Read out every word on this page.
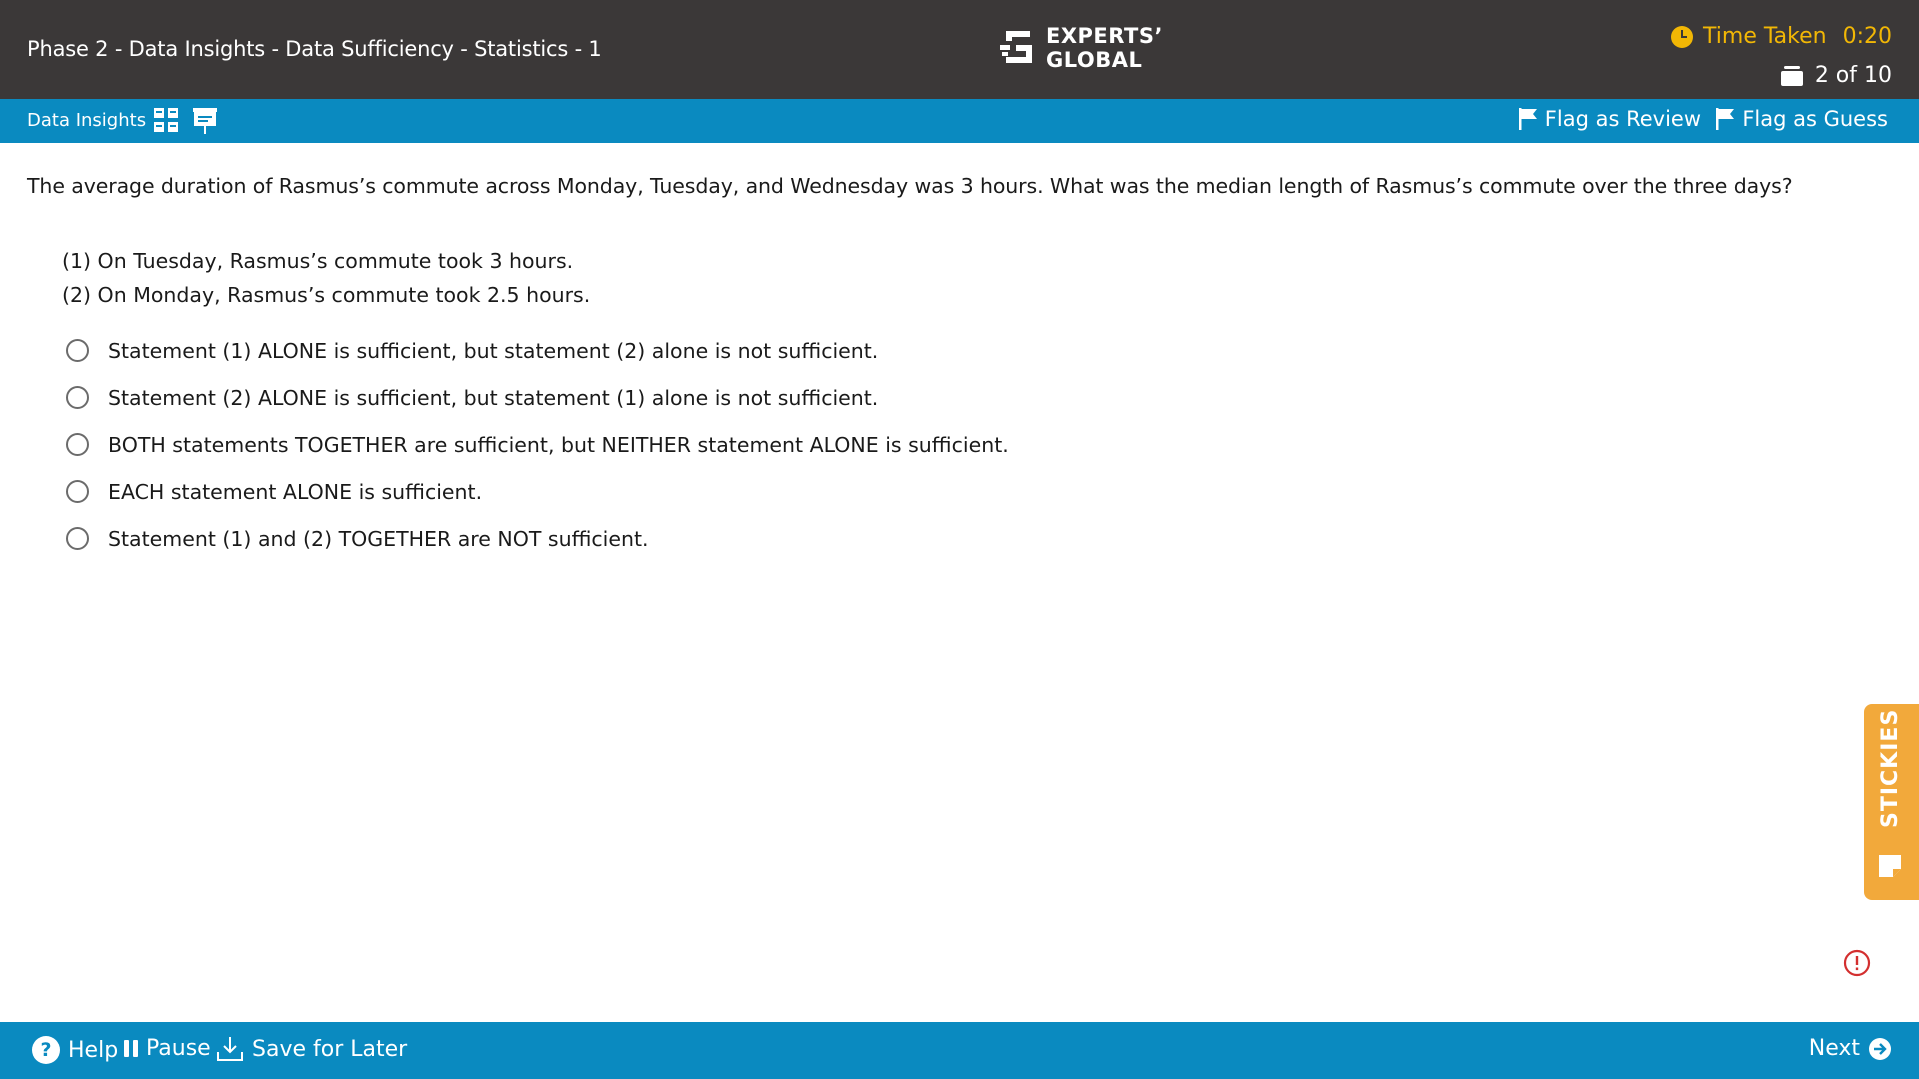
Phase 2 - Data Insights - Data Sufficiency - Statistics - 1
EXPERTS’
GLOBAL
Time Taken 0:20
2 of 10
Data Insights	Flag as Review Flag as Guess
The average duration of Rasmus’s commute across Monday, Tuesday, and Wednesday was 3 hours. What was the median length of Rasmus’s commute over the three days?
(1) On Tuesday, Rasmus’s commute took 3 hours.
(2) On Monday, Rasmus’s commute took 2.5 hours.
Statement (1) ALONE is sufficient, but statement (2) alone is not sufficient.
Statement (2) ALONE is sufficient, but statement (1) alone is not sufficient.
BOTH statements TOGETHER are sufficient, but NEITHER statement ALONE is sufficient.
EACH statement ALONE is sufficient.
Statement (1) and (2) TOGETHER are NOT sufficient.
STICKIES
? Help Pause Save for Later	Next
